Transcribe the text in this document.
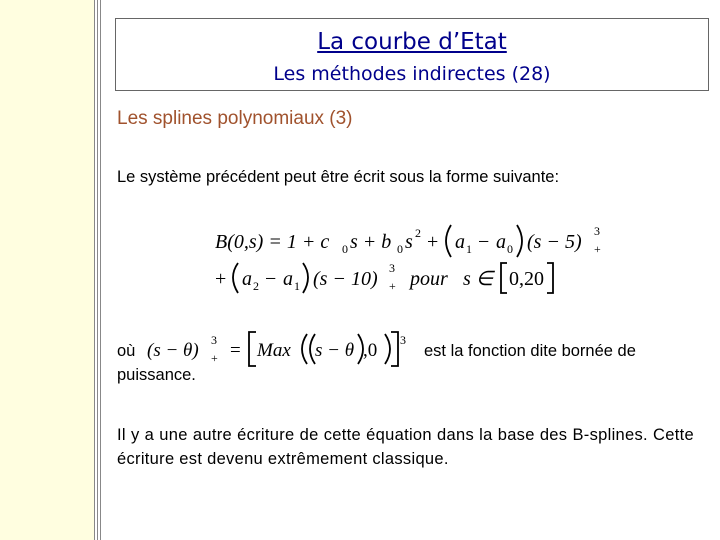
La courbe d’Etat
Les méthodes indirectes (28)
Les splines polynomiaux (3)
Le système précédent peut être écrit sous la forme suivante:
B(0,s) = 1 + c 0 s + b 0 s 2 + a 1 − a 0 (s − 5) 3
+
+ a 2 − a 1 (s − 10) 3
+ pour s ∈ 0,20
où
puissance.
(s − θ) 3
+ = Max s − θ ,0 3
est la fonction dite bornée de
Il y a une autre écriture de cette équation dans la base des B-splines. Cette écriture est devenu extrêmement classique.
